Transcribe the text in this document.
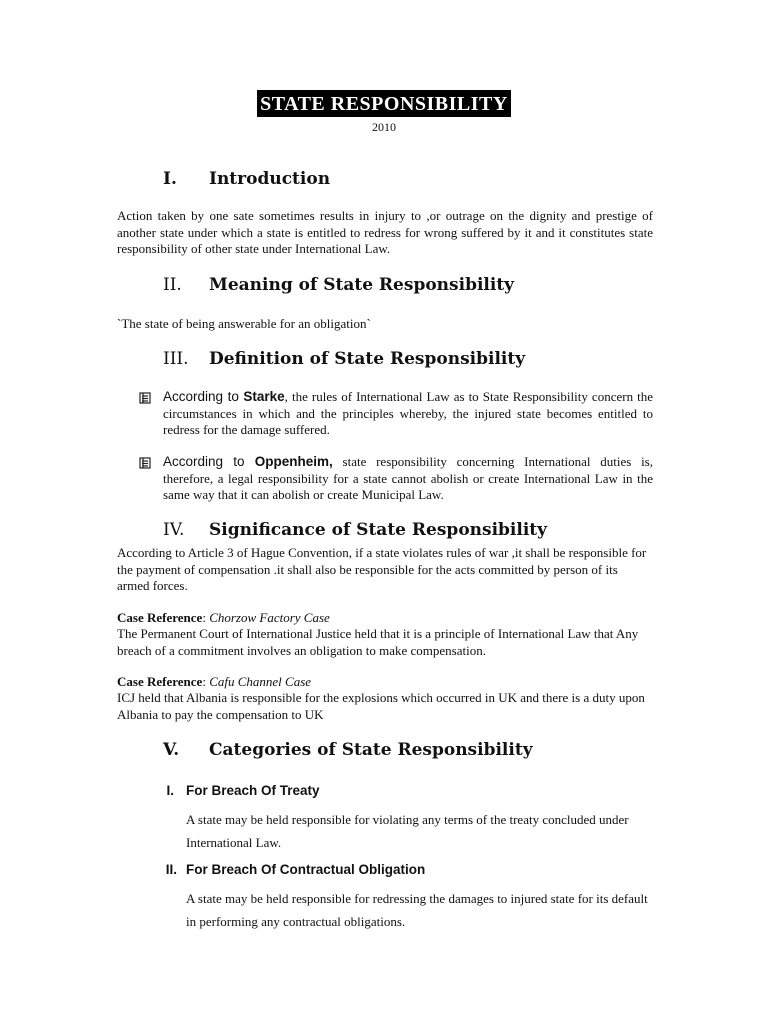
STATE RESPONSIBILITY
2010
I. Introduction
Action taken by one sate sometimes results in injury to ,or outrage on the dignity and prestige of another state under which a state is entitled to redress for wrong suffered by it and it constitutes state responsibility of other state under International Law.
II. Meaning of State Responsibility
`The state of being answerable for an obligation`
III. Definition of State Responsibility
According to Starke, the rules of International Law as to State Responsibility concern the circumstances in which and the principles whereby, the injured state becomes entitled to redress for the damage suffered.
According to Oppenheim, state responsibility concerning International duties is, therefore, a legal responsibility for a state cannot abolish or create International Law in the same way that it can abolish or create Municipal Law.
IV. Significance of State Responsibility
According to Article 3 of Hague Convention, if a state violates rules of war ,it shall be responsible for the payment of compensation .it shall also be responsible for the acts committed by person of its armed forces.
Case Reference: Chorzow Factory Case
The Permanent Court of International Justice held that it is a principle of International Law that Any breach of a commitment involves an obligation to make compensation.
Case Reference: Cafu Channel Case
ICJ held that Albania is responsible for the explosions which occurred in UK and there is a duty upon Albania to pay the compensation to UK
V. Categories of State Responsibility
I. For Breach Of Treaty
A state may be held responsible for violating any terms of the treaty concluded under International Law.
II. For Breach Of Contractual Obligation
A state may be held responsible for redressing the damages to injured state for its default in performing any contractual obligations.
